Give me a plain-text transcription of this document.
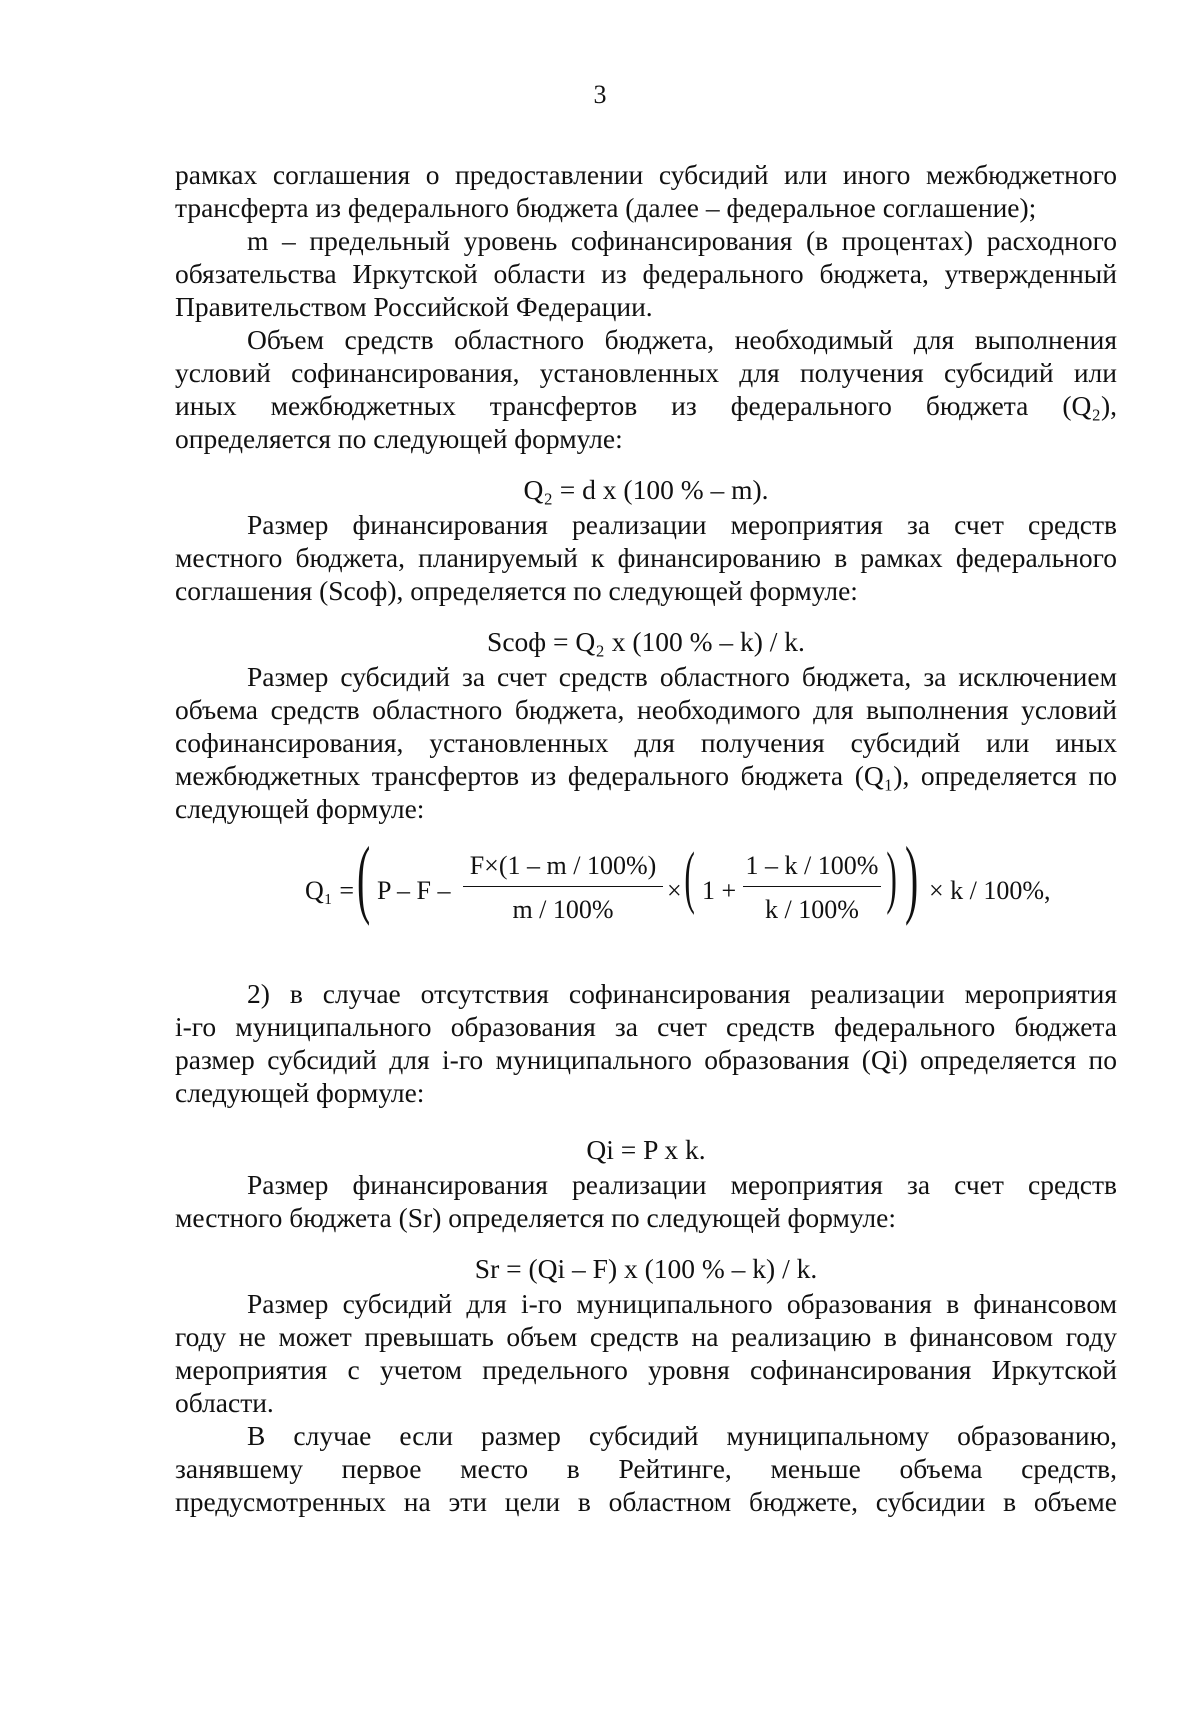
3
рамках соглашения о предоставлении субсидий или иного межбюджетного
трансферта из федерального бюджета (далее – федеральное соглашение);
m – предельный уровень софинансирования (в процентах) расходного
обязательства Иркутской области из федерального бюджета, утвержденный
Правительством Российской Федерации.
Объем средств областного бюджета, необходимый для выполнения
условий софинансирования, установленных для получения субсидий или
иных межбюджетных трансфертов из федерального бюджета (Q₂),
определяется по следующей формуле:
Q₂ = d x (100 % – m).
Размер финансирования реализации мероприятия за счет средств
местного бюджета, планируемый к финансированию в рамках федерального
соглашения (Sсоф), определяется по следующей формуле:
Sсоф = Q₂ x (100 % – k) / k.
Размер субсидий за счет средств областного бюджета, за исключением
объема средств областного бюджета, необходимого для выполнения условий
софинансирования, установленных для получения субсидий или иных
межбюджетных трансфертов из федерального бюджета (Q₁), определяется по
следующей формуле:
Q₁ = ( P – F –
F×(1 – m / 100%)
m / 100%
× ( 1 +
1 – k / 100%
k / 100% ) ) × k / 100%,
2) в случае отсутствия софинансирования реализации мероприятия
i-го муниципального образования за счет средств федерального бюджета
размер субсидий для i-го муниципального образования (Qi) определяется по
следующей формуле:
Qi = P x k.
Размер финансирования реализации мероприятия за счет средств
местного бюджета (Sr) определяется по следующей формуле:
Sr = (Qi – F) x (100 % – k) / k.
Размер субсидий для i-го муниципального образования в финансовом
году не может превышать объем средств на реализацию в финансовом году
мероприятия с учетом предельного уровня софинансирования Иркутской
области.
В случае если размер субсидий муниципальному образованию,
занявшему первое место в Рейтинге, меньше объема средств,
предусмотренных на эти цели в областном бюджете, субсидии в объеме
